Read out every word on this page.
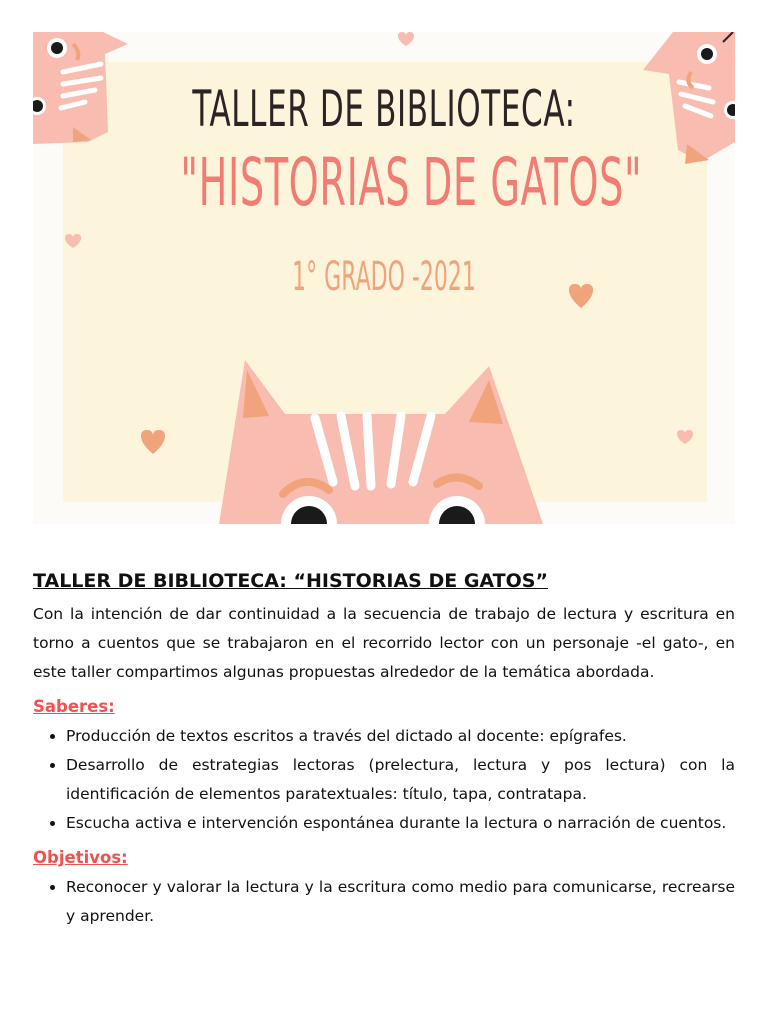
TALLER DE BIBLIOTECA:
"HISTORIAS DE GATOS"
1° GRADO -2021
TALLER DE BIBLIOTECA: “HISTORIAS DE GATOS”

Con la intención de dar continuidad a la secuencia de trabajo de lectura y escritura en torno a cuentos que se trabajaron en el recorrido lector con un personaje -el gato-, en este taller compartimos algunas propuestas alrededor de la temática abordada.

Saberes:
• Producción de textos escritos a través del dictado al docente: epígrafes.
• Desarrollo de estrategias lectoras (prelectura, lectura y pos lectura) con la identificación de elementos paratextuales: título, tapa, contratapa.
• Escucha activa e intervención espontánea durante la lectura o narración de cuentos.
Objetivos:
• Reconocer y valorar la lectura y la escritura como medio para comunicarse, recrearse y aprender.
